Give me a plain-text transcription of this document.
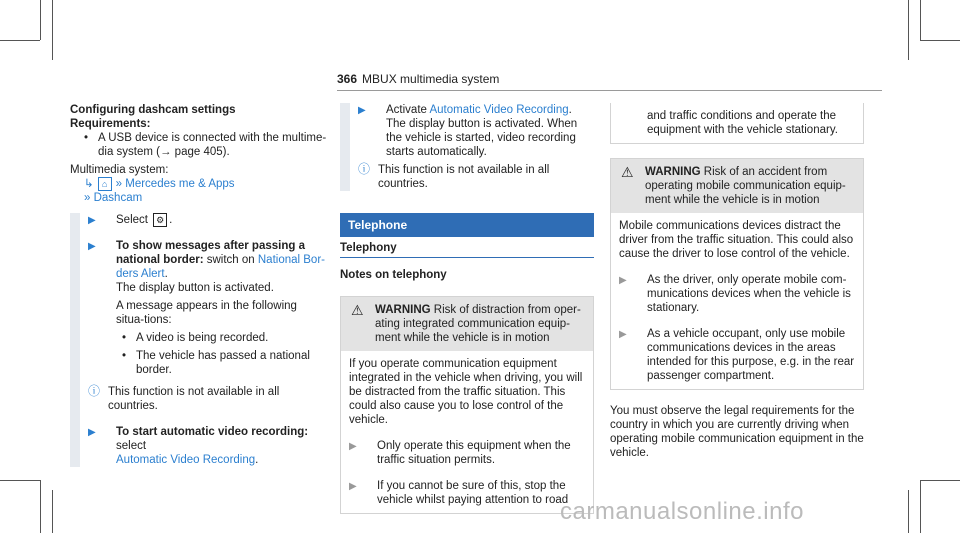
366 MBUX multimedia system
Configuring dashcam settings
Requirements:
• A USB device is connected with the multime-dia system (→ page 405).
Multimedia system:
↳ ⌂ » Mercedes me & Apps
» Dashcam
▶ Select ⚙ .
▶ To show messages after passing a national border: switch on National Bor-ders Alert.
The display button is activated.
A message appears in the following situa-tions:
• A video is being recorded.
• The vehicle has passed a national border.
ⓘ This function is not available in all countries.
▶ To start automatic video recording: select
Automatic Video Recording.
▶ Activate Automatic Video Recording.
The display button is activated. When the vehicle is started, video recording starts automatically.
ⓘ This function is not available in all countries.
Telephone
Telephony
Notes on telephony
⚠ WARNING Risk of distraction from oper-ating integrated communication equip-ment while the vehicle is in motion
If you operate communication equipment integrated in the vehicle when driving, you will be distracted from the traffic situation. This could also cause you to lose control of the vehicle.
▶ Only operate this equipment when the traffic situation permits.
▶ If you cannot be sure of this, stop the vehicle whilst paying attention to road
and traffic conditions and operate the equipment with the vehicle stationary.
⚠ WARNING Risk of an accident from operating mobile communication equip-ment while the vehicle is in motion
Mobile communications devices distract the driver from the traffic situation. This could also cause the driver to lose control of the vehicle.
▶ As the driver, only operate mobile com-munications devices when the vehicle is stationary.
▶ As a vehicle occupant, only use mobile communications devices in the areas intended for this purpose, e.g. in the rear passenger compartment.
You must observe the legal requirements for the country in which you are currently driving when operating mobile communication equipment in the vehicle.
carmanualsonline.info
